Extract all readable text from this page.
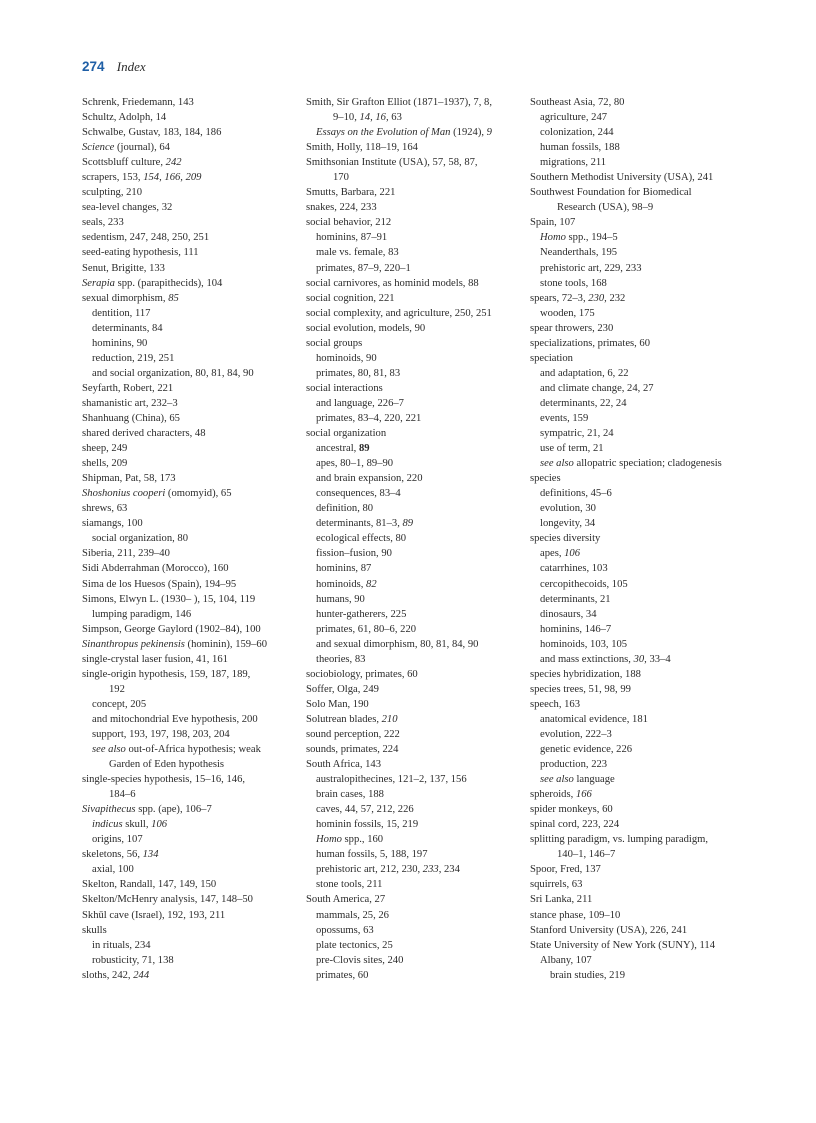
274 Index
Schrenk, Friedemann, 143
Schultz, Adolph, 14
Schwalbe, Gustav, 183, 184, 186
Science (journal), 64
Scottsbluff culture, 242
scrapers, 153, 154, 166, 209
sculpting, 210
sea-level changes, 32
seals, 233
sedentism, 247, 248, 250, 251
seed-eating hypothesis, 111
Senut, Brigitte, 133
Serapia spp. (parapithecids), 104
sexual dimorphism, 85
dentition, 117
determinants, 84
hominins, 90
reduction, 219, 251
and social organization, 80, 81, 84, 90
Seyfarth, Robert, 221
shamanistic art, 232–3
Shanhuang (China), 65
shared derived characters, 48
sheep, 249
shells, 209
Shipman, Pat, 58, 173
Shoshonius cooperi (omomyid), 65
shrews, 63
siamangs, 100
social organization, 80
Siberia, 211, 239–40
Sidi Abderrahman (Morocco), 160
Sima de los Huesos (Spain), 194–95
Simons, Elwyn L. (1930– ), 15, 104, 119
lumping paradigm, 146
Simpson, George Gaylord (1902–84), 100
Sinanthropus pekinensis (hominin), 159–60
single-crystal laser fusion, 41, 161
single-origin hypothesis, 159, 187, 189,
192
concept, 205
and mitochondrial Eve hypothesis, 200
support, 193, 197, 198, 203, 204
see also out-of-Africa hypothesis; weak
Garden of Eden hypothesis
single-species hypothesis, 15–16, 146,
184–6
Sivapithecus spp. (ape), 106–7
indicus skull, 106
origins, 107
skeletons, 56, 134
axial, 100
Skelton, Randall, 147, 149, 150
Skelton/McHenry analysis, 147, 148–50
Skhūl cave (Israel), 192, 193, 211
skulls
in rituals, 234
robusticity, 71, 138
sloths, 242, 244
Smith, Sir Grafton Elliot (1871–1937), 7, 8,
9–10, 14, 16, 63
Essays on the Evolution of Man (1924), 9
Smith, Holly, 118–19, 164
Smithsonian Institute (USA), 57, 58, 87,
170
Smutts, Barbara, 221
snakes, 224, 233
social behavior, 212
hominins, 87–91
male vs. female, 83
primates, 87–9, 220–1
social carnivores, as hominid models, 88
social cognition, 221
social complexity, and agriculture, 250, 251
social evolution, models, 90
social groups
hominoids, 90
primates, 80, 81, 83
social interactions
and language, 226–7
primates, 83–4, 220, 221
social organization
ancestral, 89
apes, 80–1, 89–90
and brain expansion, 220
consequences, 83–4
definition, 80
determinants, 81–3, 89
ecological effects, 80
fission–fusion, 90
hominins, 87
hominoids, 82
humans, 90
hunter-gatherers, 225
primates, 61, 80–6, 220
and sexual dimorphism, 80, 81, 84, 90
theories, 83
sociobiology, primates, 60
Soffer, Olga, 249
Solo Man, 190
Solutrean blades, 210
sound perception, 222
sounds, primates, 224
South Africa, 143
australopithecines, 121–2, 137, 156
brain cases, 188
caves, 44, 57, 212, 226
hominin fossils, 15, 219
Homo spp., 160
human fossils, 5, 188, 197
prehistoric art, 212, 230, 233, 234
stone tools, 211
South America, 27
mammals, 25, 26
opossums, 63
plate tectonics, 25
pre-Clovis sites, 240
primates, 60
Southeast Asia, 72, 80
agriculture, 247
colonization, 244
human fossils, 188
migrations, 211
Southern Methodist University (USA), 241
Southwest Foundation for Biomedical
Research (USA), 98–9
Spain, 107
Homo spp., 194–5
Neanderthals, 195
prehistoric art, 229, 233
stone tools, 168
spears, 72–3, 230, 232
wooden, 175
spear throwers, 230
specializations, primates, 60
speciation
and adaptation, 6, 22
and climate change, 24, 27
determinants, 22, 24
events, 159
sympatric, 21, 24
use of term, 21
see also allopatric speciation; cladogenesis
species
definitions, 45–6
evolution, 30
longevity, 34
species diversity
apes, 106
catarrhines, 103
cercopithecoids, 105
determinants, 21
dinosaurs, 34
hominins, 146–7
hominoids, 103, 105
and mass extinctions, 30, 33–4
species hybridization, 188
species trees, 51, 98, 99
speech, 163
anatomical evidence, 181
evolution, 222–3
genetic evidence, 226
production, 223
see also language
spheroids, 166
spider monkeys, 60
spinal cord, 223, 224
splitting paradigm, vs. lumping paradigm,
140–1, 146–7
Spoor, Fred, 137
squirrels, 63
Sri Lanka, 211
stance phase, 109–10
Stanford University (USA), 226, 241
State University of New York (SUNY), 114
Albany, 107
brain studies, 219
